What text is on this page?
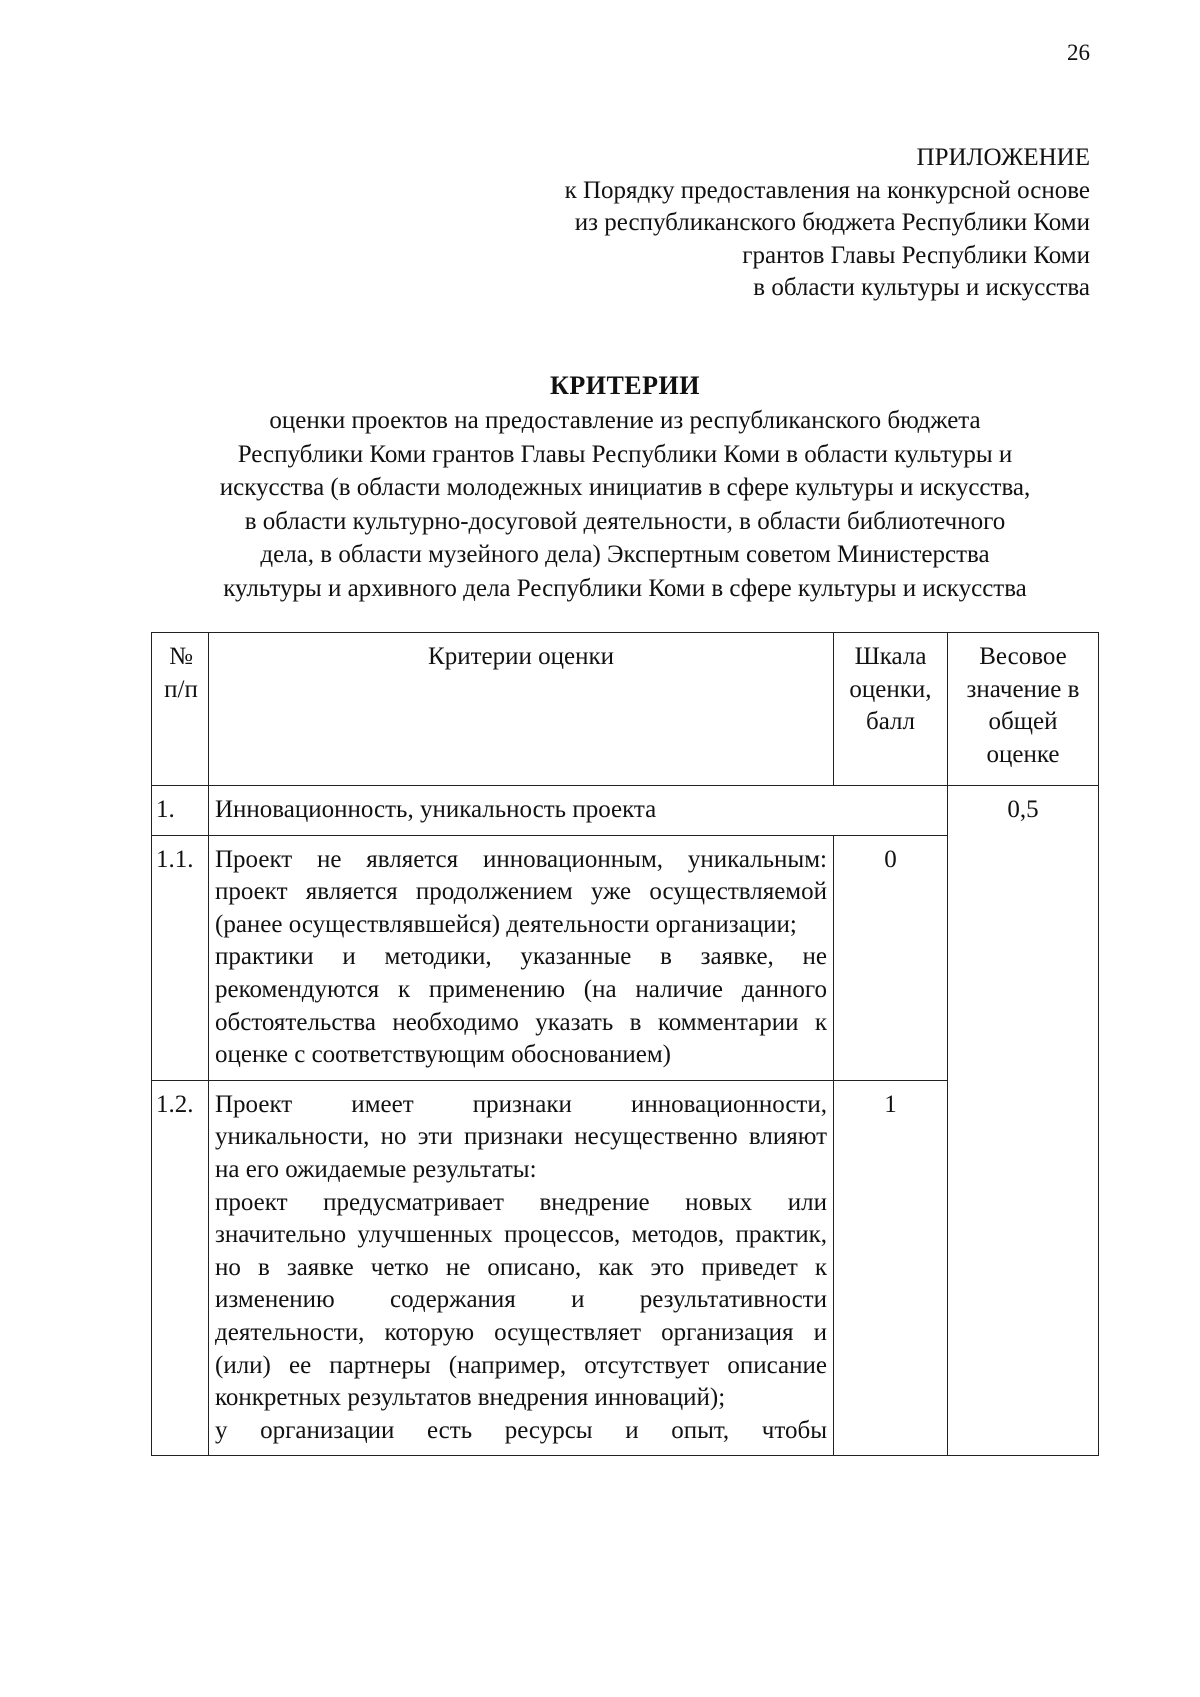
26
ПРИЛОЖЕНИЕ
к Порядку предоставления на конкурсной основе
из республиканского бюджета Республики Коми
грантов Главы Республики Коми
в области культуры и искусства
КРИТЕРИИ
оценки проектов на предоставление из республиканского бюджета
Республики Коми грантов Главы Республики Коми в области культуры и
искусства (в области молодежных инициатив в сфере культуры и искусства,
в области культурно-досуговой деятельности, в области библиотечного
дела, в области музейного дела) Экспертным советом Министерства
культуры и архивного дела Республики Коми в сфере культуры и искусства
№ п/п	Критерии оценки	Шкала оценки, балл	Весовое значение в общей оценке
1.	Инновационность, уникальность проекта		0,5
1.1.	Проект не является инновационным, уникальным: проект является продолжением уже осуществляемой (ранее осуществлявшейся) деятельности организации;

практики и методики, указанные в заявке, не рекомендуются к применению (на наличие данного обстоятельства необходимо указать в комментарии к оценке с соответствующим обоснованием)	0	
1.2.	Проект имеет признаки инновационности, уникальности, но эти признаки несущественно влияют на его ожидаемые результаты:

проект предусматривает внедрение новых или значительно улучшенных процессов, методов, практик, но в заявке четко не описано, как это приведет к изменению содержания и результативности деятельности, которую осуществляет организация и (или) ее партнеры (например, отсутствует описание конкретных результатов внедрения инноваций);

у организации есть ресурсы и опыт, чтобы	1	
